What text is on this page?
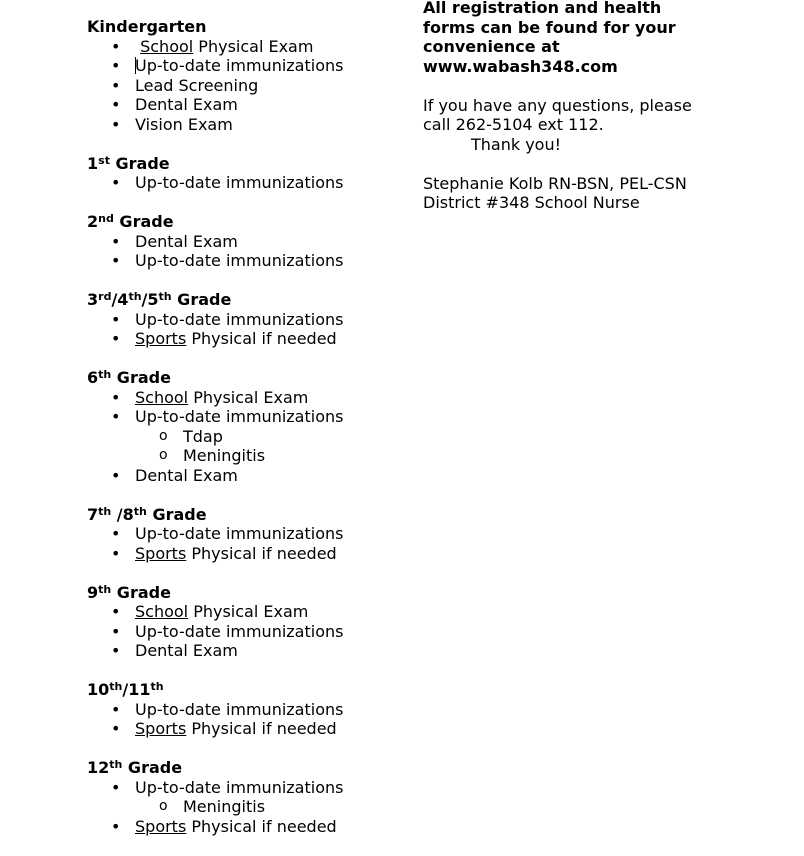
Kindergarten
• School Physical Exam
• Up-to-date immunizations
• Lead Screening
• Dental Exam
• Vision Exam
1st Grade
• Up-to-date immunizations
2nd Grade
• Dental Exam
• Up-to-date immunizations
3rd/4th/5th Grade
• Up-to-date immunizations
• Sports Physical if needed
6th Grade
• School Physical Exam
• Up-to-date immunizations
o Tdap
o Meningitis
• Dental Exam
7th /8th Grade
• Up-to-date immunizations
• Sports Physical if needed
9th Grade
• School Physical Exam
• Up-to-date immunizations
• Dental Exam
10th/11th
• Up-to-date immunizations
• Sports Physical if needed
12th Grade
• Up-to-date immunizations
o Meningitis
• Sports Physical if needed
All registration and health
forms can be found for your
convenience at
www.wabash348.com
If you have any questions, please
call 262-5104 ext 112.
Thank you!
Stephanie Kolb RN-BSN, PEL-CSN
District #348 School Nurse
